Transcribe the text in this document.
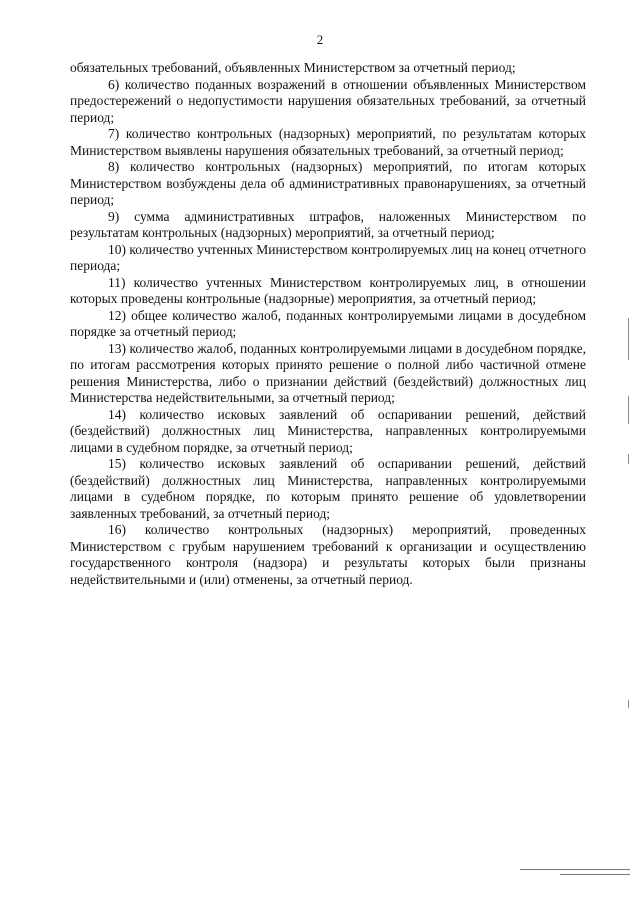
2

обязательных требований, объявленных Министерством за отчетный период;

6) количество поданных возражений в отношении объявленных Министерством предостережений о недопустимости нарушения обязательных требований, за отчетный период;

7) количество контрольных (надзорных) мероприятий, по результатам которых Министерством выявлены нарушения обязательных требований, за отчетный период;

8) количество контрольных (надзорных) мероприятий, по итогам которых Министерством возбуждены дела об административных правонарушениях, за отчетный период;

9) сумма административных штрафов, наложенных Министерством по результатам контрольных (надзорных) мероприятий, за отчетный период;

10) количество учтенных Министерством контролируемых лиц на конец отчетного периода;

11) количество учтенных Министерством контролируемых лиц, в отношении которых проведены контрольные (надзорные) мероприятия, за отчетный период;

12) общее количество жалоб, поданных контролируемыми лицами в досудебном порядке за отчетный период;

13) количество жалоб, поданных контролируемыми лицами в досудебном порядке, по итогам рассмотрения которых принято решение о полной либо частичной отмене решения Министерства, либо о признании действий (бездействий) должностных лиц Министерства недействительными, за отчетный период;

14) количество исковых заявлений об оспаривании решений, действий (бездействий) должностных лиц Министерства, направленных контролируемыми лицами в судебном порядке, за отчетный период;

15) количество исковых заявлений об оспаривании решений, действий (бездействий) должностных лиц Министерства, направленных контролируемыми лицами в судебном порядке, по которым принято решение об удовлетворении заявленных требований, за отчетный период;

16) количество контрольных (надзорных) мероприятий, проведенных Министерством с грубым нарушением требований к организации и осуществлению государственного контроля (надзора) и результаты которых были признаны недействительными и (или) отменены, за отчетный период.
